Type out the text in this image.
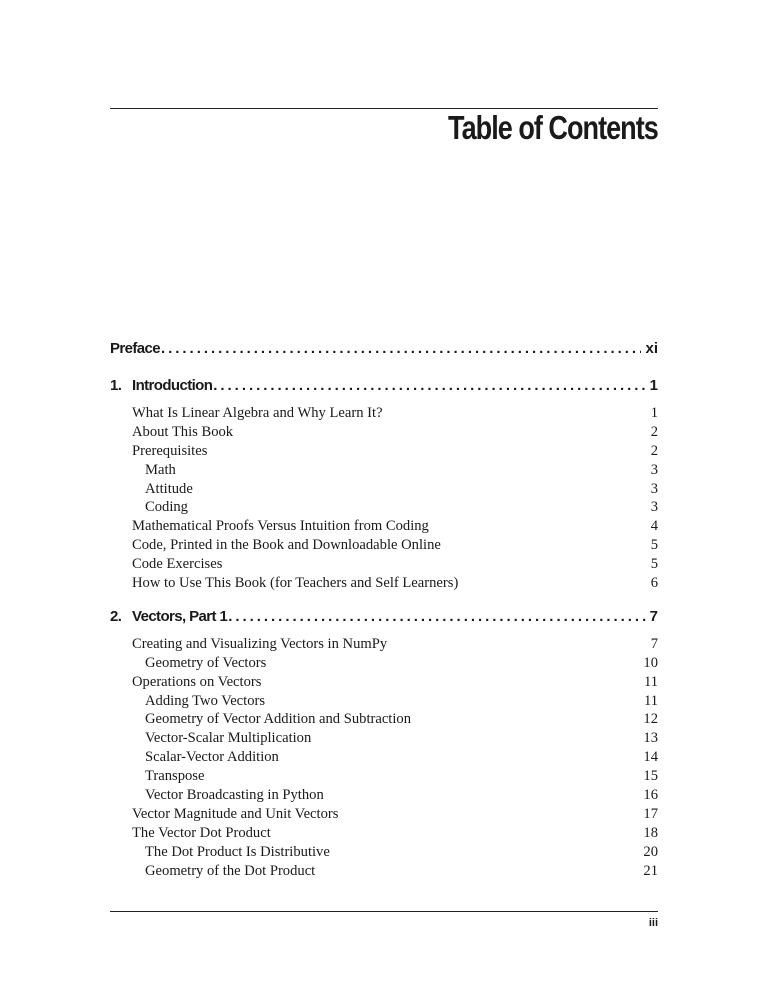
Table of Contents
Preface . . .	xi
1. Introduction . . .	1
What Is Linear Algebra and Why Learn It?	1
About This Book	2
Prerequisites	2
Math	3
Attitude	3
Coding	3
Mathematical Proofs Versus Intuition from Coding	4
Code, Printed in the Book and Downloadable Online	5
Code Exercises	5
How to Use This Book (for Teachers and Self Learners)	6
2. Vectors, Part 1 . . .	7
Creating and Visualizing Vectors in NumPy	7
Geometry of Vectors	10
Operations on Vectors	11
Adding Two Vectors	11
Geometry of Vector Addition and Subtraction	12
Vector-Scalar Multiplication	13
Scalar-Vector Addition	14
Transpose	15
Vector Broadcasting in Python	16
Vector Magnitude and Unit Vectors	17
The Vector Dot Product	18
The Dot Product Is Distributive	20
Geometry of the Dot Product	21
iii
